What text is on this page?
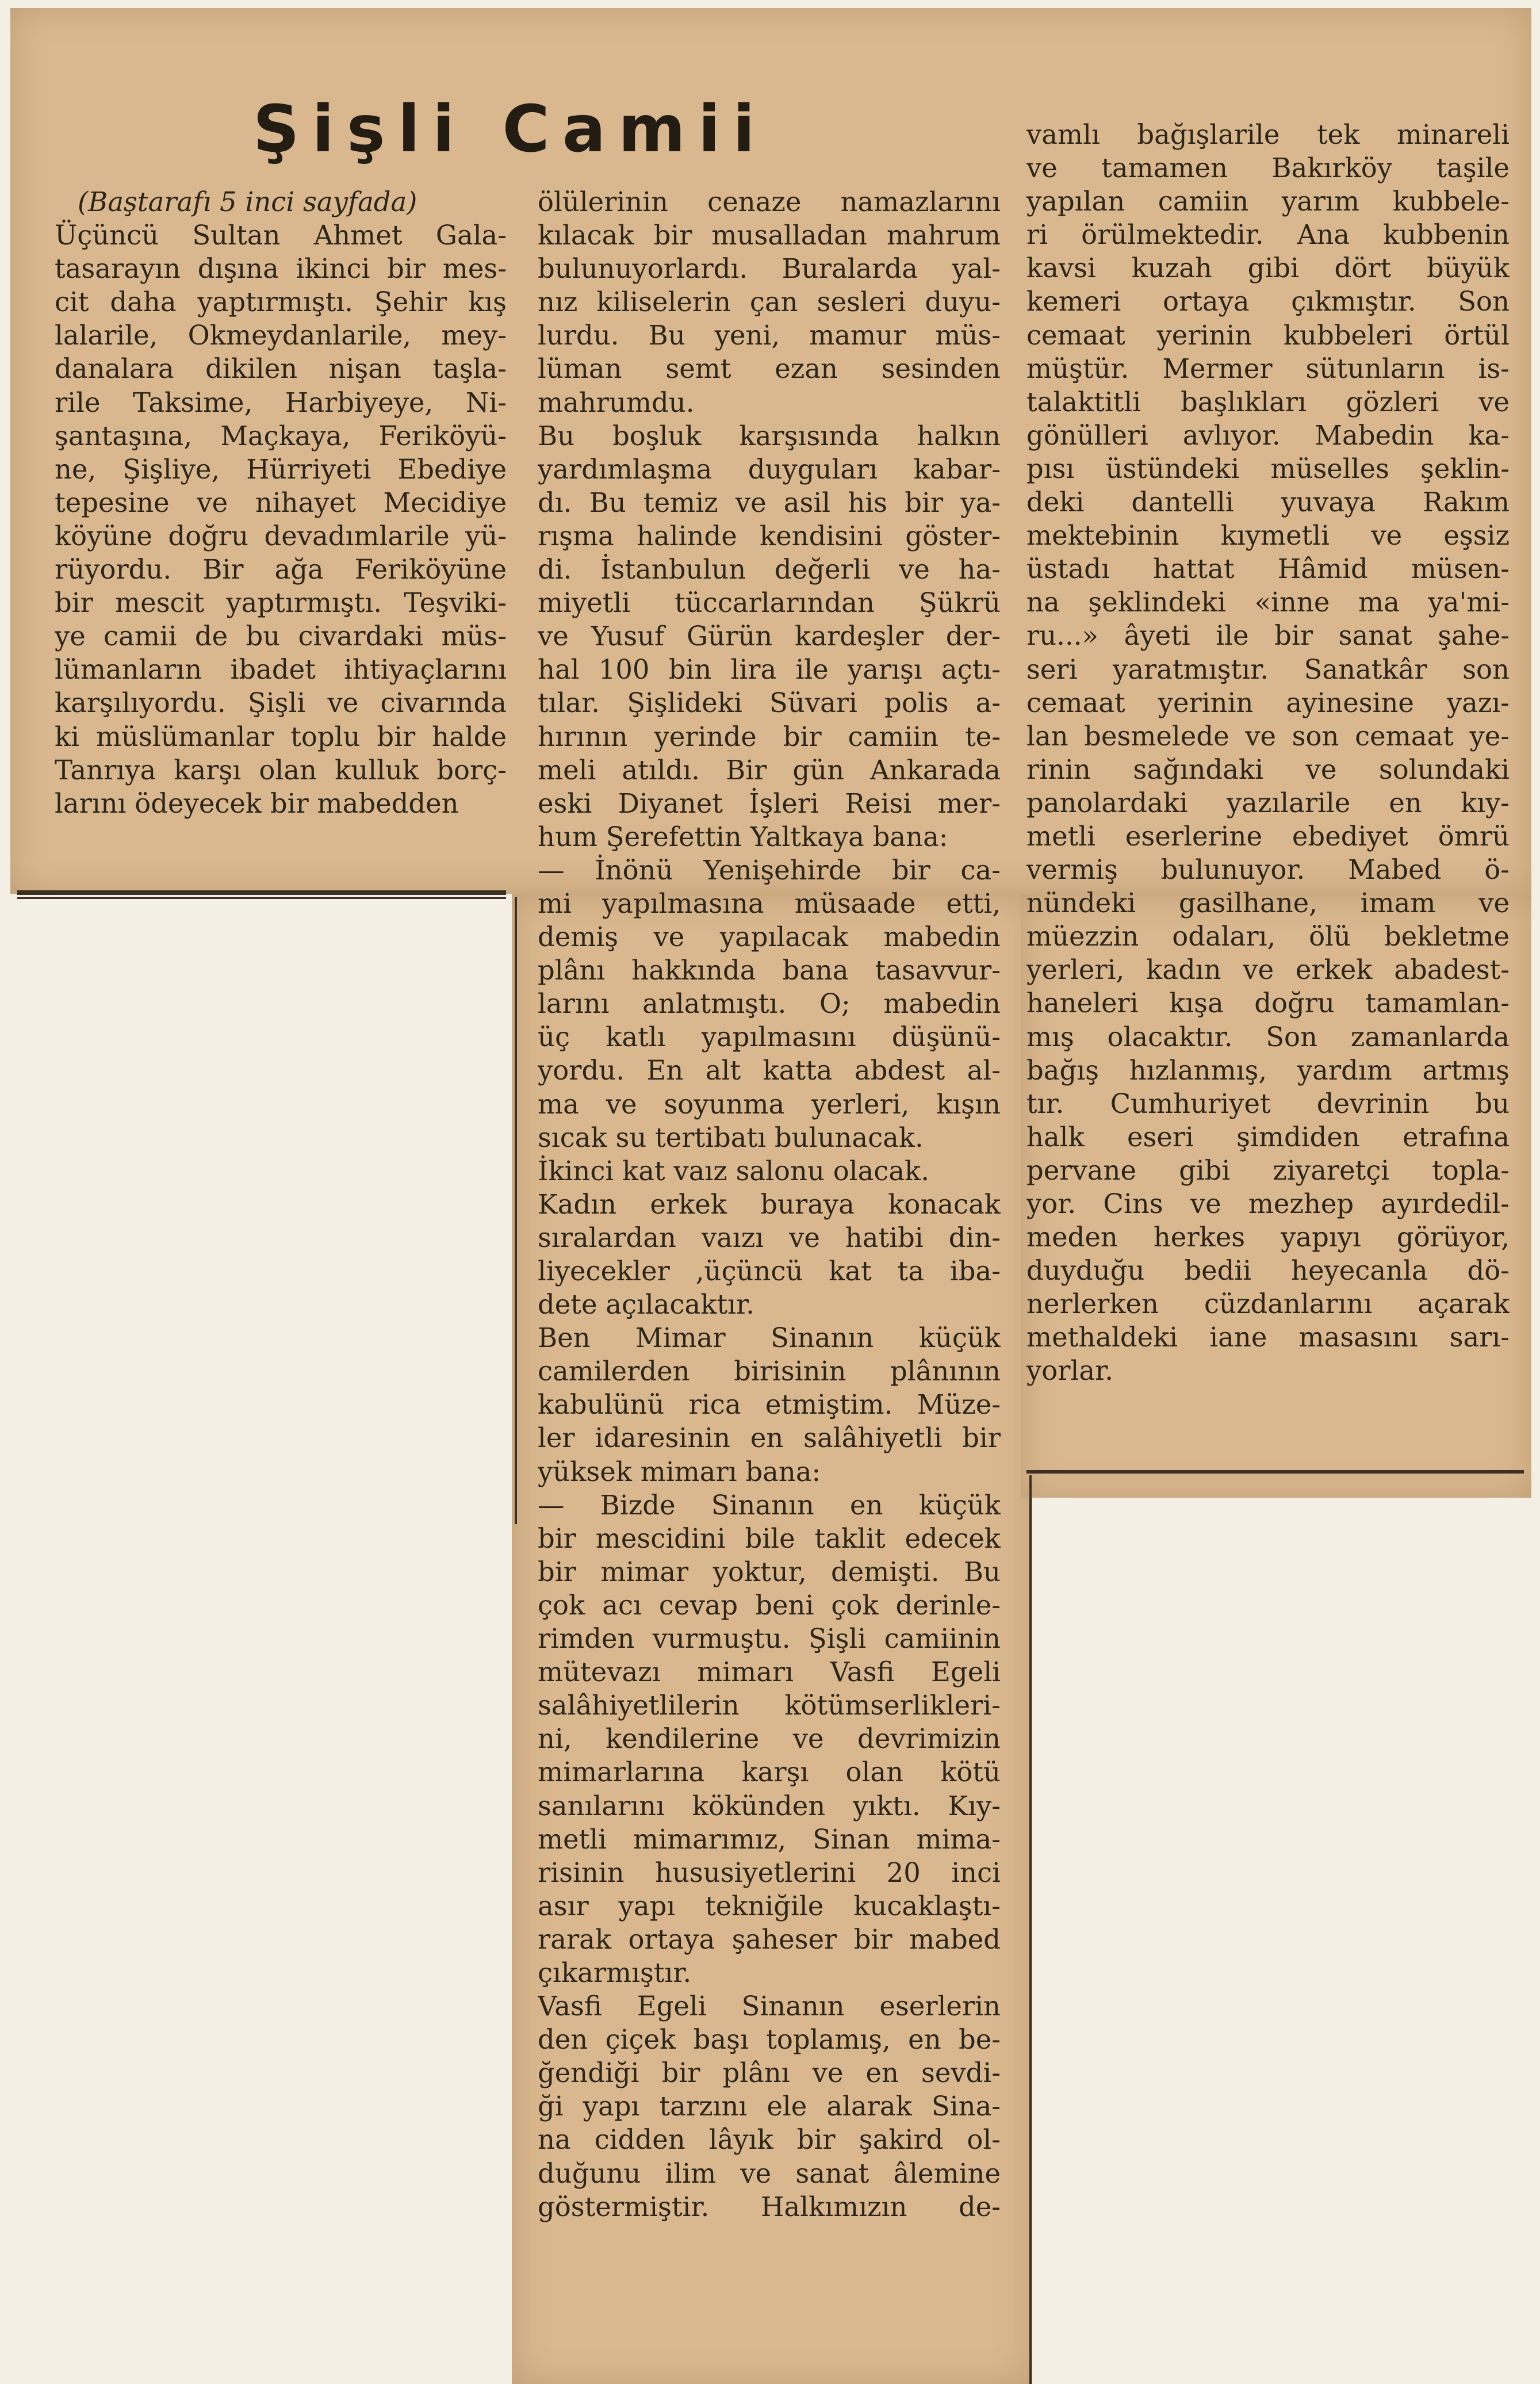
Şişli Camii

(Baştarafı 5 inci sayfada)

Üçüncü Sultan Ahmet Gala-

tasarayın dışına ikinci bir mes-

cit daha yaptırmıştı. Şehir kış

lalarile, Okmeydanlarile, mey-

danalara dikilen nişan taşla-

rile Taksime, Harbiyeye, Ni-

şantaşına, Maçkaya, Feriköyü-

ne, Şişliye, Hürriyeti Ebediye

tepesine ve nihayet Mecidiye

köyüne doğru devadımlarile yü-

rüyordu. Bir ağa Feriköyüne

bir mescit yaptırmıştı. Teşviki-

ye camii de bu civardaki müs-

lümanların ibadet ihtiyaçlarını

karşılıyordu. Şişli ve civarında

ki müslümanlar toplu bir halde

Tanrıya karşı olan kulluk borç-

larını ödeyecek bir mabedden

ölülerinin cenaze namazlarını

kılacak bir musalladan mahrum

bulunuyorlardı. Buralarda yal-

nız kiliselerin çan sesleri duyu-

lurdu. Bu yeni, mamur müs-

lüman semt ezan sesinden

mahrumdu.

Bu boşluk karşısında halkın

yardımlaşma duyguları kabar-

dı. Bu temiz ve asil his bir ya-

rışma halinde kendisini göster-

di. İstanbulun değerli ve ha-

miyetli tüccarlarından Şükrü

ve Yusuf Gürün kardeşler der-

hal 100 bin lira ile yarışı açtı-

tılar. Şişlideki Süvari polis a-

hırının yerinde bir camiin te-

meli atıldı. Bir gün Ankarada

eski Diyanet İşleri Reisi mer-

hum Şerefettin Yaltkaya bana:

— İnönü Yenişehirde bir ca-

mi yapılmasına müsaade etti,

demiş ve yapılacak mabedin

plânı hakkında bana tasavvur-

larını anlatmıştı. O; mabedin

üç katlı yapılmasını düşünü-

yordu. En alt katta abdest al-

ma ve soyunma yerleri, kışın

sıcak su tertibatı bulunacak.

İkinci kat vaız salonu olacak.

Kadın erkek buraya konacak

sıralardan vaızı ve hatibi din-

liyecekler ,üçüncü kat ta iba-

dete açılacaktır.

Ben Mimar Sinanın küçük

camilerden birisinin plânının

kabulünü rica etmiştim. Müze-

ler idaresinin en salâhiyetli bir

yüksek mimarı bana:

— Bizde Sinanın en küçük

bir mescidini bile taklit edecek

bir mimar yoktur, demişti. Bu

çok acı cevap beni çok derinle-

rimden vurmuştu. Şişli camiinin

mütevazı mimarı Vasfi Egeli

salâhiyetlilerin kötümserlikleri-

ni, kendilerine ve devrimizin

mimarlarına karşı olan kötü

sanılarını kökünden yıktı. Kıy-

metli mimarımız, Sinan mima-

risinin hususiyetlerini 20 inci

asır yapı tekniğile kucaklaştı-

rarak ortaya şaheser bir mabed

çıkarmıştır.

Vasfi Egeli Sinanın eserlerin

den çiçek başı toplamış, en be-

ğendiği bir plânı ve en sevdi-

ği yapı tarzını ele alarak Sina-

na cidden lâyık bir şakird ol-

duğunu ilim ve sanat âlemine

göstermiştir. Halkımızın de-

vamlı bağışlarile tek minareli

ve tamamen Bakırköy taşile

yapılan camiin yarım kubbele-

ri örülmektedir. Ana kubbenin

kavsi kuzah gibi dört büyük

kemeri ortaya çıkmıştır. Son

cemaat yerinin kubbeleri örtül

müştür. Mermer sütunların is-

talaktitli başlıkları gözleri ve

gönülleri avlıyor. Mabedin ka-

pısı üstündeki müselles şeklin-

deki dantelli yuvaya Rakım

mektebinin kıymetli ve eşsiz

üstadı hattat Hâmid müsen-

na şeklindeki «inne ma ya'mi-

ru...» âyeti ile bir sanat şahe-

seri yaratmıştır. Sanatkâr son

cemaat yerinin ayinesine yazı-

lan besmelede ve son cemaat ye-

rinin sağındaki ve solundaki

panolardaki yazılarile en kıy-

metli eserlerine ebediyet ömrü

vermiş bulunuyor. Mabed ö-

nündeki gasilhane, imam ve

müezzin odaları, ölü bekletme

yerleri, kadın ve erkek abadest-

haneleri kışa doğru tamamlan-

mış olacaktır. Son zamanlarda

bağış hızlanmış, yardım artmış

tır. Cumhuriyet devrinin bu

halk eseri şimdiden etrafına

pervane gibi ziyaretçi topla-

yor. Cins ve mezhep ayırdedil-

meden herkes yapıyı görüyor,

duyduğu bedii heyecanla dö-

nerlerken cüzdanlarını açarak

methaldeki iane masasını sarı-

yorlar.
